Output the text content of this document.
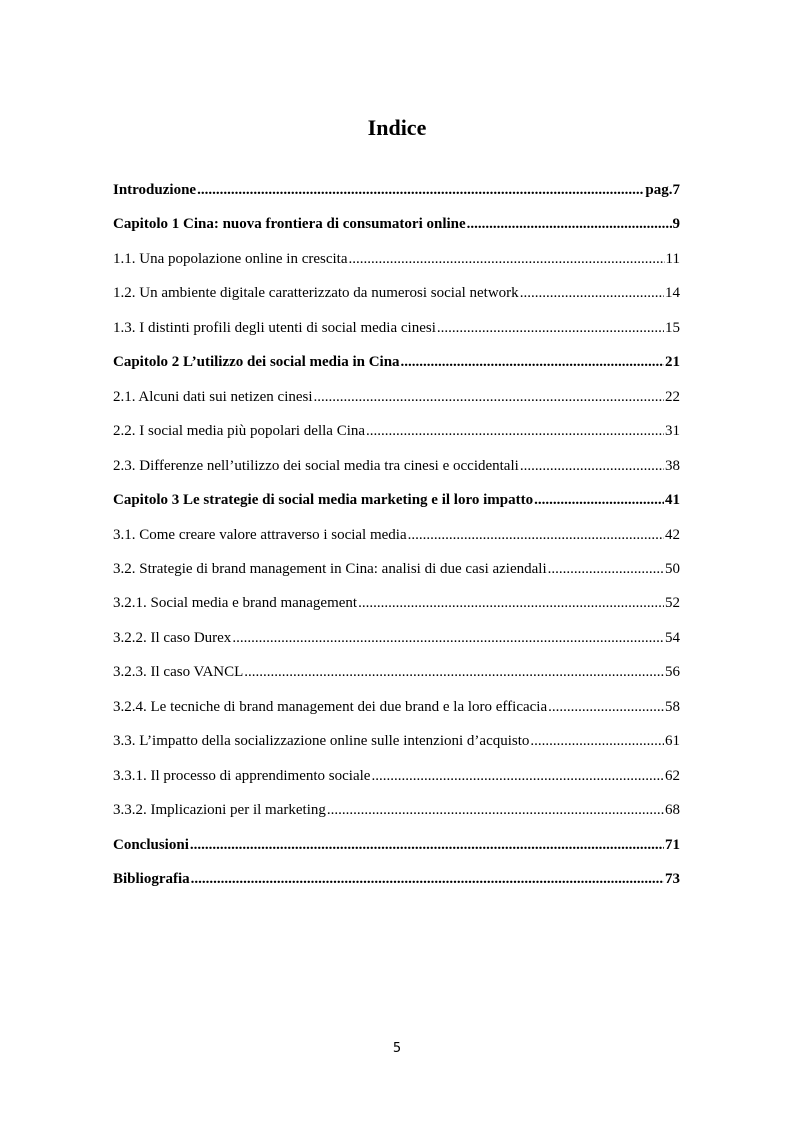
Indice
Introduzione .....	pag.7
Capitolo 1 Cina: nuova frontiera di consumatori online .....	9
1.1. Una popolazione online in crescita .....	11
1.2. Un ambiente digitale caratterizzato da numerosi social network .....	14
1.3. I distinti profili degli utenti di social media cinesi .....	15
Capitolo 2 L’utilizzo dei social media in Cina .....	21
2.1. Alcuni dati sui netizen cinesi .....	22
2.2. I social media più popolari della Cina .....	31
2.3. Differenze nell’utilizzo dei social media tra cinesi e occidentali .....	38
Capitolo 3 Le strategie di social media marketing e il loro impatto .....	41
3.1. Come creare valore attraverso i social media .....	42
3.2. Strategie di brand management in Cina: analisi di due casi aziendali .....	50
3.2.1. Social media e brand management .....	52
3.2.2. Il caso Durex .....	54
3.2.3. Il caso VANCL .....	56
3.2.4. Le tecniche di brand management dei due brand e la loro efficacia .....	58
3.3. L’impatto della socializzazione online sulle intenzioni d’acquisto .....	61
3.3.1. Il processo di apprendimento sociale .....	62
3.3.2. Implicazioni per il marketing .....	68
Conclusioni .....	71
Bibliografia .....	73
5
